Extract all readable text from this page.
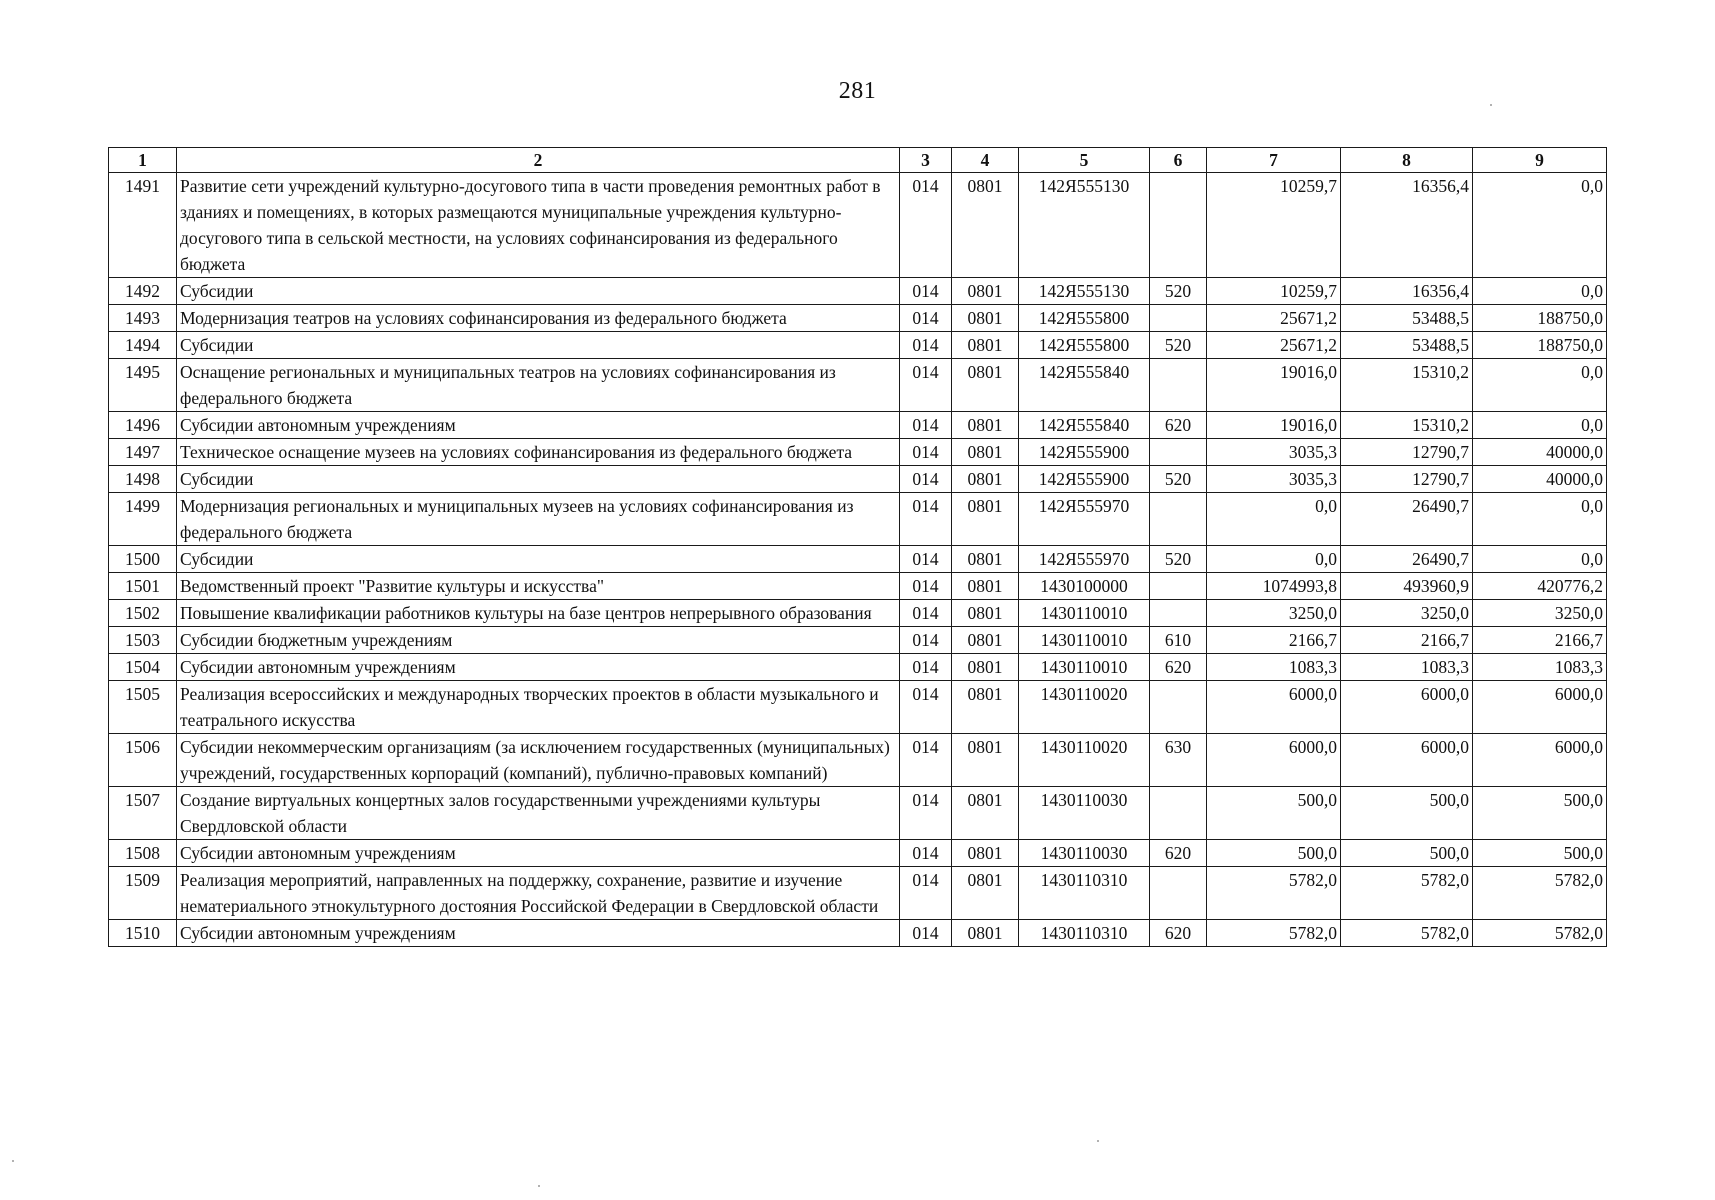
281
1	2	3	4	5	6	7	8	9
1491	Развитие сети учреждений культурно-досугового типа в части проведения ремонтных работ в зданиях и помещениях, в которых размещаются муниципальные учреждения культурно-досугового типа в сельской местности, на условиях софинансирования из федерального бюджета	014	0801	142Я555130		10259,7	16356,4	0,0
1492	Субсидии	014	0801	142Я555130	520	10259,7	16356,4	0,0
1493	Модернизация театров на условиях софинансирования из федерального бюджета	014	0801	142Я555800		25671,2	53488,5	188750,0
1494	Субсидии	014	0801	142Я555800	520	25671,2	53488,5	188750,0
1495	Оснащение региональных и муниципальных театров на условиях софинансирования из федерального бюджета	014	0801	142Я555840		19016,0	15310,2	0,0
1496	Субсидии автономным учреждениям	014	0801	142Я555840	620	19016,0	15310,2	0,0
1497	Техническое оснащение музеев на условиях софинансирования из федерального бюджета	014	0801	142Я555900		3035,3	12790,7	40000,0
1498	Субсидии	014	0801	142Я555900	520	3035,3	12790,7	40000,0
1499	Модернизация региональных и муниципальных музеев на условиях софинансирования из федерального бюджета	014	0801	142Я555970		0,0	26490,7	0,0
1500	Субсидии	014	0801	142Я555970	520	0,0	26490,7	0,0
1501	Ведомственный проект "Развитие культуры и искусства"	014	0801	1430100000		1074993,8	493960,9	420776,2
1502	Повышение квалификации работников культуры на базе центров непрерывного образования	014	0801	1430110010		3250,0	3250,0	3250,0
1503	Субсидии бюджетным учреждениям	014	0801	1430110010	610	2166,7	2166,7	2166,7
1504	Субсидии автономным учреждениям	014	0801	1430110010	620	1083,3	1083,3	1083,3
1505	Реализация всероссийских и международных творческих проектов в области музыкального и театрального искусства	014	0801	1430110020		6000,0	6000,0	6000,0
1506	Субсидии некоммерческим организациям (за исключением государственных (муниципальных) учреждений, государственных корпораций (компаний), публично-правовых компаний)	014	0801	1430110020	630	6000,0	6000,0	6000,0
1507	Создание виртуальных концертных залов государственными учреждениями культуры Свердловской области	014	0801	1430110030		500,0	500,0	500,0
1508	Субсидии автономным учреждениям	014	0801	1430110030	620	500,0	500,0	500,0
1509	Реализация мероприятий, направленных на поддержку, сохранение, развитие и изучение нематериального этнокультурного достояния Российской Федерации в Свердловской области	014	0801	1430110310		5782,0	5782,0	5782,0
1510	Субсидии автономным учреждениям	014	0801	1430110310	620	5782,0	5782,0	5782,0
